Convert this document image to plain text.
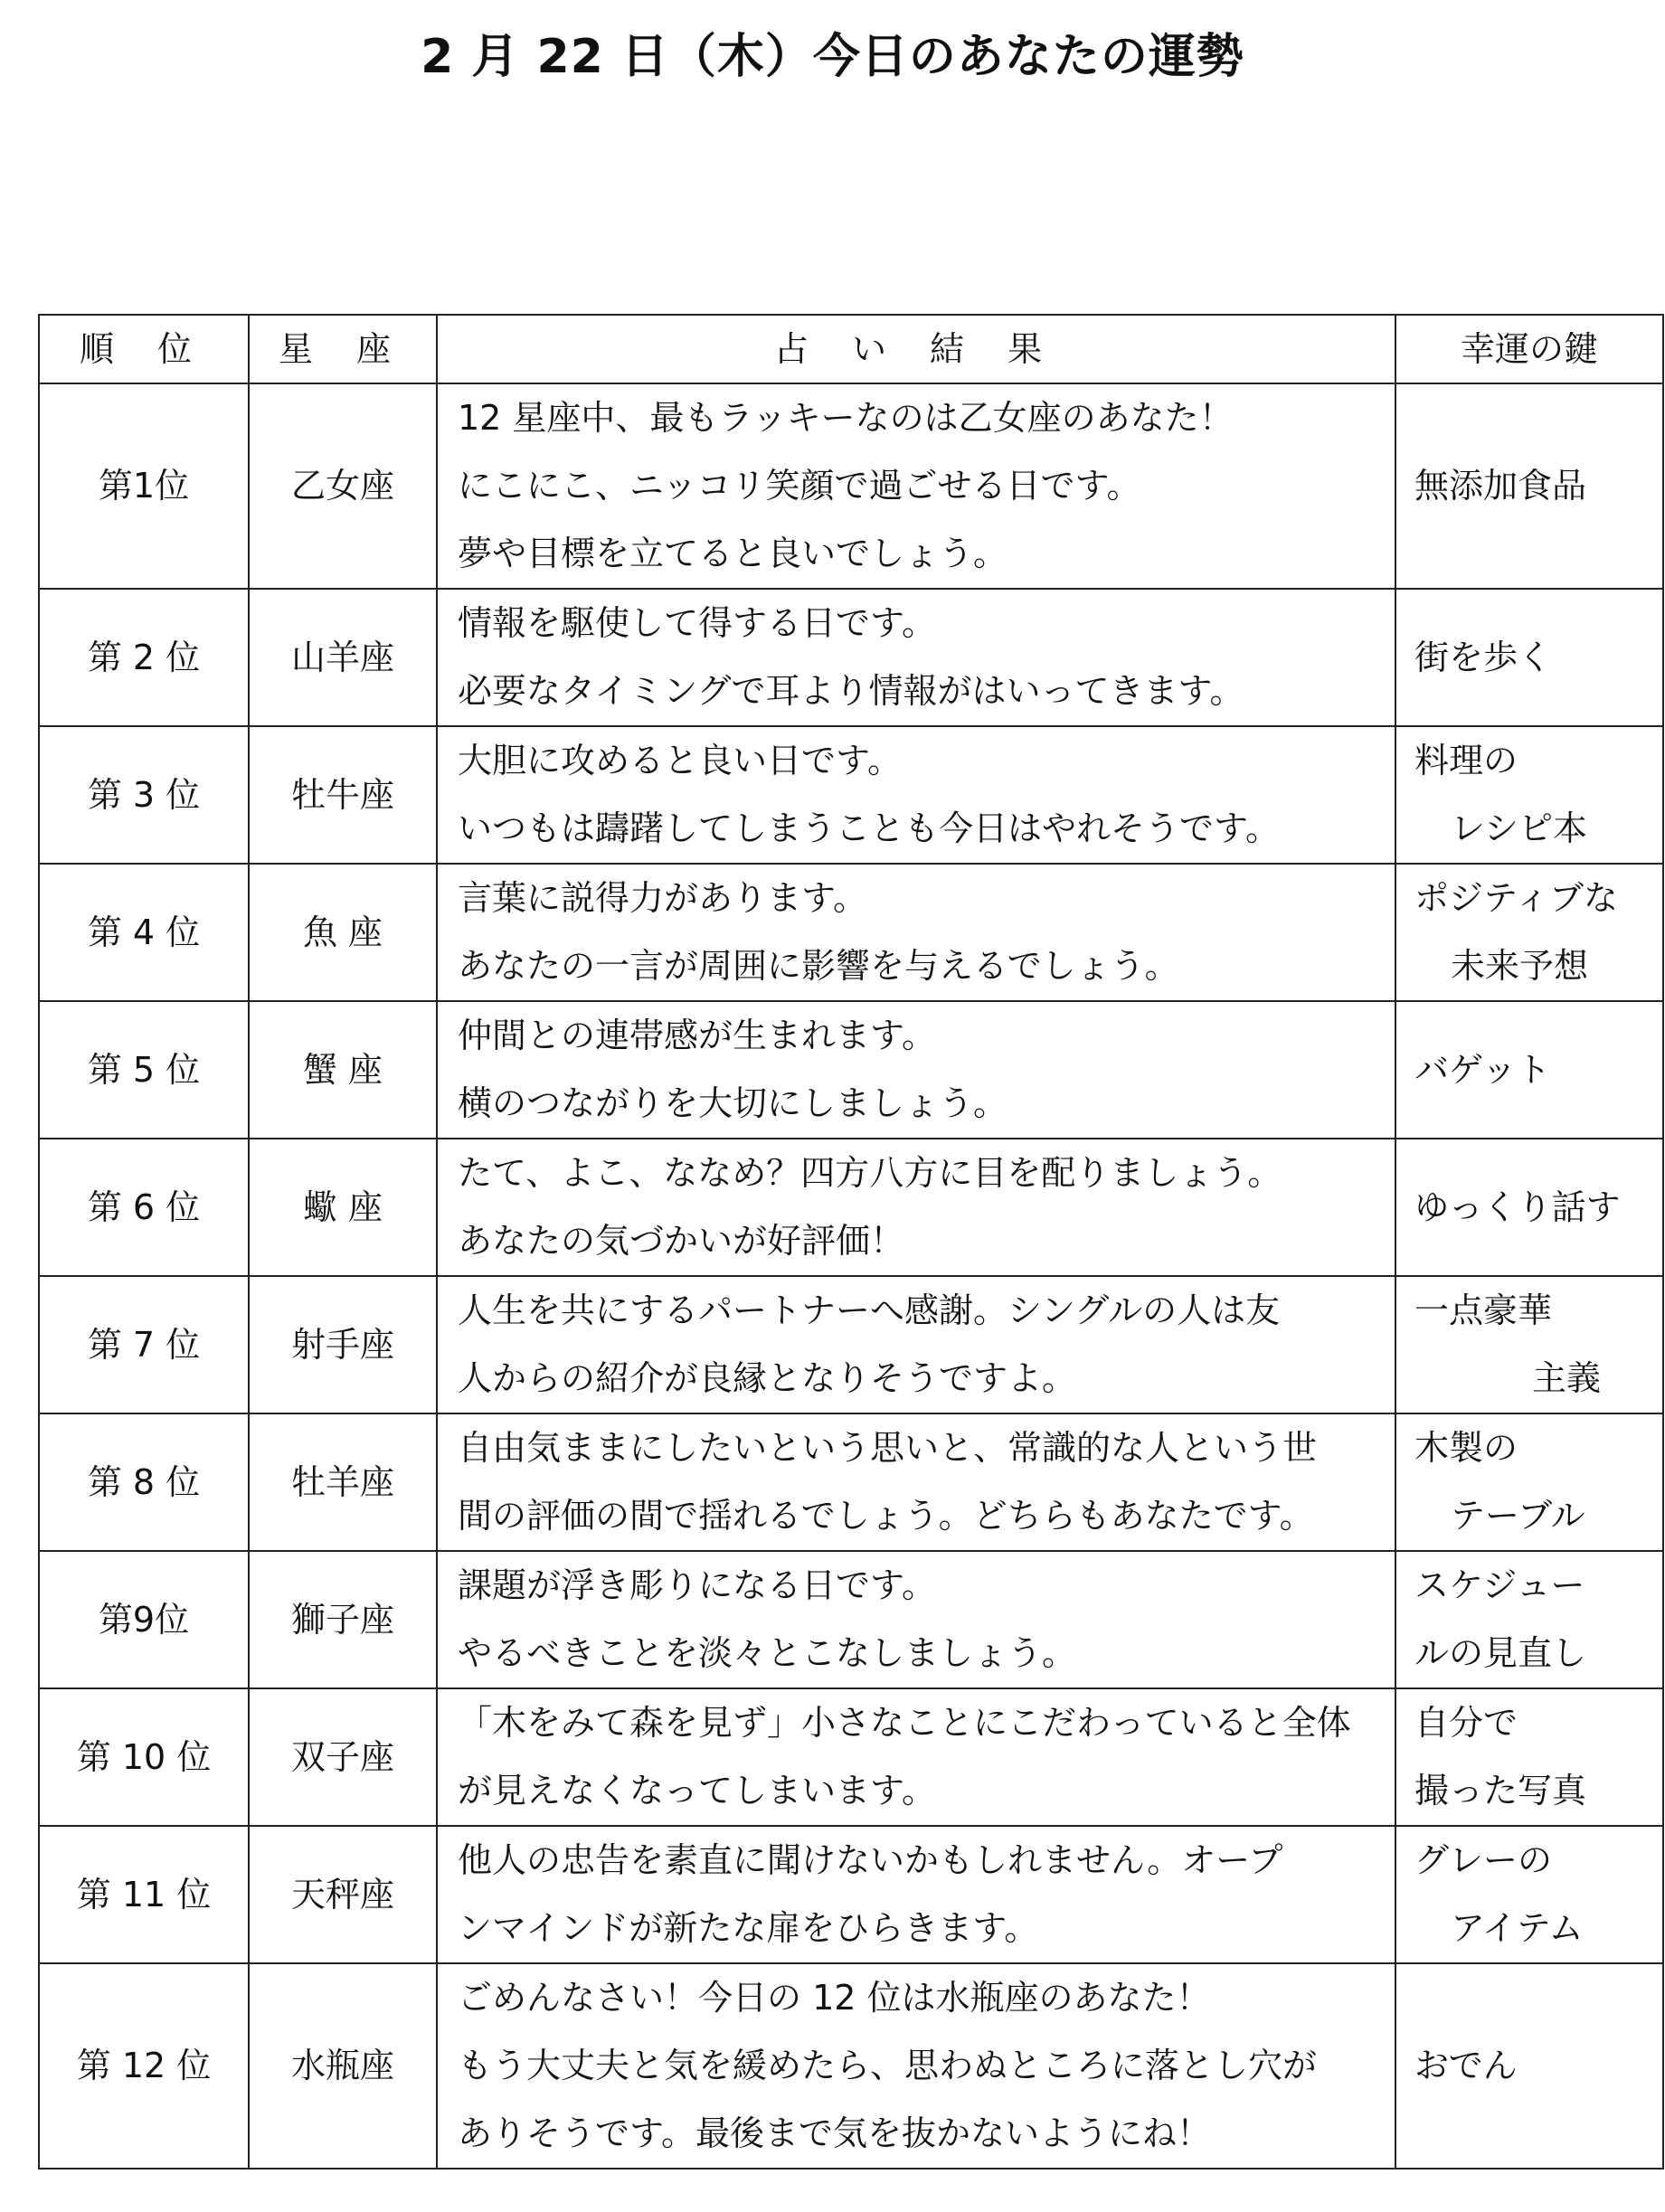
2 月 22 日（木）今日のあなたの運勢
順 位	星 座	占 い 結 果	幸運の鍵
第1位	乙女座	12 星座中、最もラッキーなのは乙女座のあなた！
にこにこ、ニッコリ笑顔で過ごせる日です。
夢や目標を立てると良いでしょう。	無添加食品

第 2 位	山羊座	情報を駆使して得する日です。
必要なタイミングで耳より情報がはいってきます。	街を歩く

第 3 位	牡牛座	大胆に攻めると良い日です。
いつもは躊躇してしまうことも今日はやれそうです。	料理の
レシピ本

第 4 位	魚 座	言葉に説得力があります。
あなたの一言が周囲に影響を与えるでしょう。	ポジティブな
未来予想

第 5 位	蟹 座	仲間との連帯感が生まれます。
横のつながりを大切にしましょう。	バゲット

第 6 位	蠍 座	たて、よこ、ななめ？四方八方に目を配りましょう。
あなたの気づかいが好評価！	ゆっくり話す

第 7 位	射手座	人生を共にするパートナーへ感謝。シングルの人は友
人からの紹介が良縁となりそうですよ。	一点豪華
主義

第 8 位	牡羊座	自由気ままにしたいという思いと、常識的な人という世
間の評価の間で揺れるでしょう。どちらもあなたです。	木製の
テーブル

第9位	獅子座	課題が浮き彫りになる日です。
やるべきことを淡々とこなしましょう。	スケジュー
ルの見直し

第 10 位	双子座	「木をみて森を見ず」小さなことにこだわっていると全体
が見えなくなってしまいます。	自分で
撮った写真

第 11 位	天秤座	他人の忠告を素直に聞けないかもしれません。オープ
ンマインドが新たな扉をひらきます。	グレーの
アイテム

第 12 位	水瓶座	ごめんなさい！今日の 12 位は水瓶座のあなた！
もう大丈夫と気を緩めたら、思わぬところに落とし穴が
ありそうです。最後まで気を抜かないようにね！	おでん
